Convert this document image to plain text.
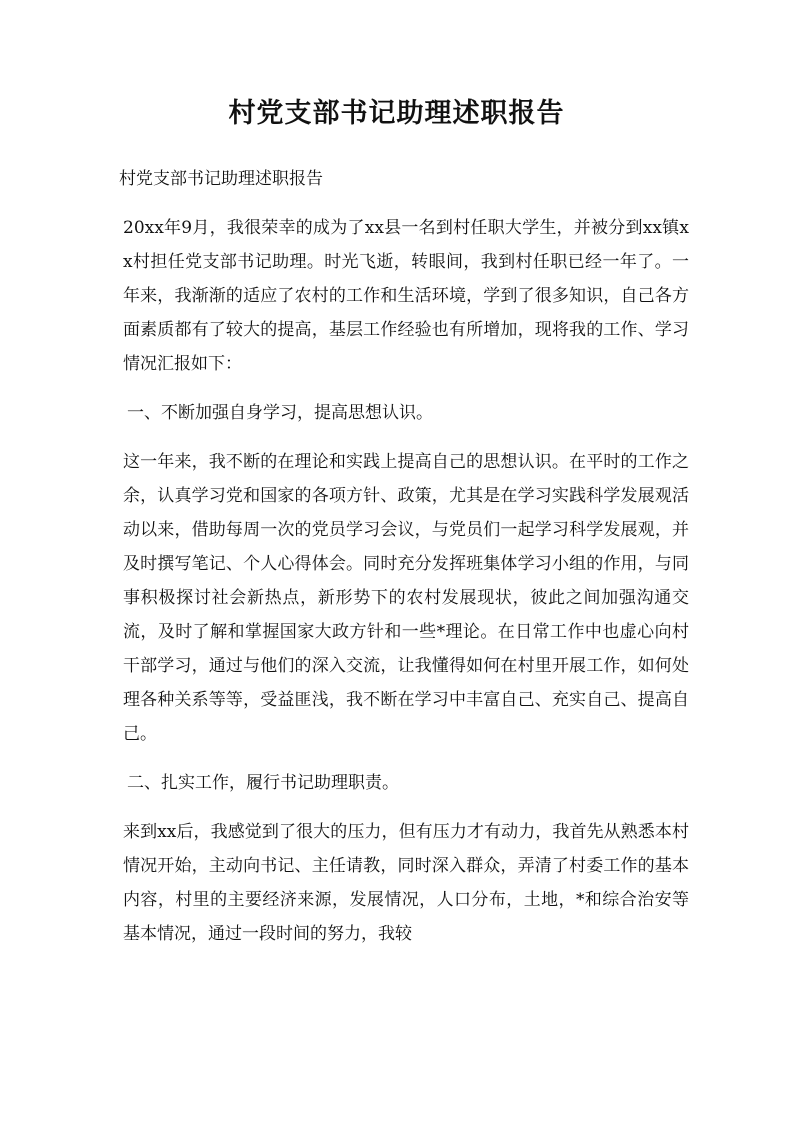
村党支部书记助理述职报告

村党支部书记助理述职报告

20xx年9月，我很荣幸的成为了xx县一名到村任职大学生，并被分到xx镇xx村担任党支部书记助理。时光飞逝，转眼间，我到村任职已经一年了。一年来，我渐渐的适应了农村的工作和生活环境，学到了很多知识，自己各方面素质都有了较大的提高，基层工作经验也有所增加，现将我的工作、学习情况汇报如下：

一、不断加强自身学习，提高思想认识。

这一年来，我不断的在理论和实践上提高自己的思想认识。在平时的工作之余，认真学习党和国家的各项方针、政策，尤其是在学习实践科学发展观活动以来，借助每周一次的党员学习会议，与党员们一起学习科学发展观，并及时撰写笔记、个人心得体会。同时充分发挥班集体学习小组的作用，与同事积极探讨社会新热点，新形势下的农村发展现状，彼此之间加强沟通交流，及时了解和掌握国家大政方针和一些*理论。在日常工作中也虚心向村干部学习，通过与他们的深入交流，让我懂得如何在村里开展工作，如何处理各种关系等等，受益匪浅，我不断在学习中丰富自己、充实自己、提高自己。

二、扎实工作，履行书记助理职责。

来到xx后，我感觉到了很大的压力，但有压力才有动力，我首先从熟悉本村情况开始，主动向书记、主任请教，同时深入群众，弄清了村委工作的基本内容，村里的主要经济来源，发展情况，人口分布，土地，*和综合治安等基本情况，通过一段时间的努力，我较
